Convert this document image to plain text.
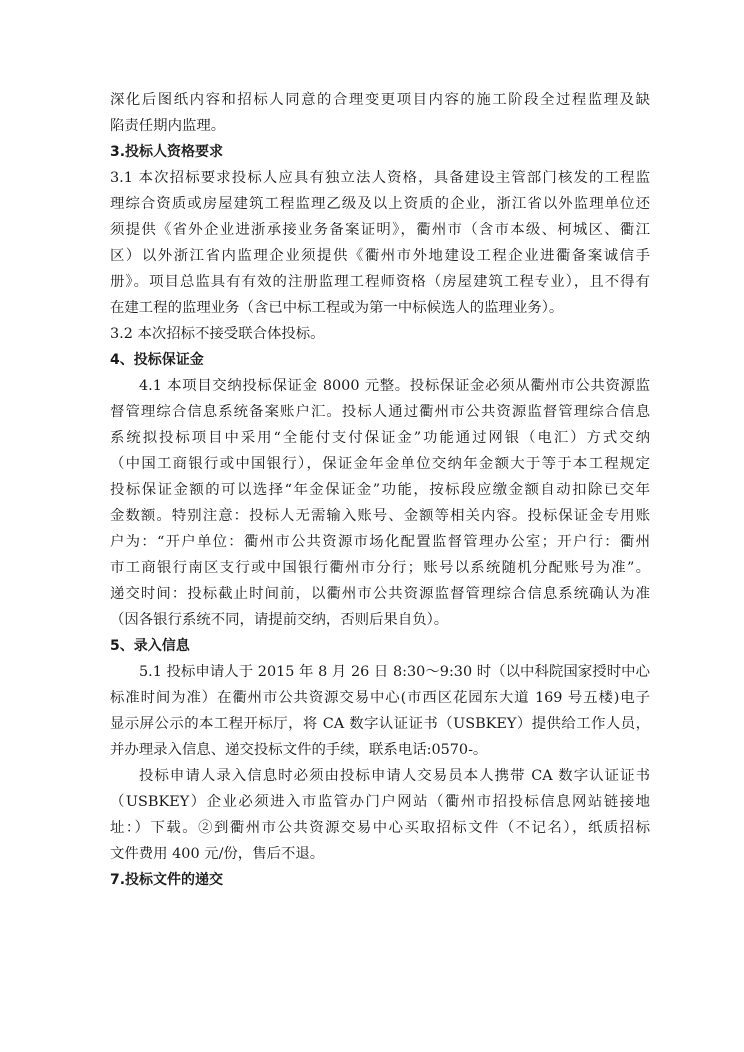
深化后图纸内容和招标人同意的合理变更项目内容的施工阶段全过程监理及缺
陷责任期内监理。
3.投标人资格要求
3.1 本次招标要求投标人应具有独立法人资格，具备建设主管部门核发的工程监
理综合资质或房屋建筑工程监理乙级及以上资质的企业，浙江省以外监理单位还
须提供《省外企业进浙承接业务备案证明》，衢州市（含市本级、柯城区、衢江
区）以外浙江省内监理企业须提供《衢州市外地建设工程企业进衢备案诚信手
册》。项目总监具有有效的注册监理工程师资格（房屋建筑工程专业），且不得有
在建工程的监理业务（含已中标工程或为第一中标候选人的监理业务）。
3.2 本次招标不接受联合体投标。
4、投标保证金
4.1 本项目交纳投标保证金 8000 元整。投标保证金必须从衢州市公共资源监
督管理综合信息系统备案账户汇。投标人通过衢州市公共资源监督管理综合信息
系统拟投标项目中采用“全能付支付保证金”功能通过网银（电汇）方式交纳
（中国工商银行或中国银行），保证金年金单位交纳年金额大于等于本工程规定
投标保证金额的可以选择“年金保证金”功能，按标段应缴金额自动扣除已交年
金数额。特别注意：投标人无需输入账号、金额等相关内容。投标保证金专用账
户为：“开户单位：衢州市公共资源市场化配置监督管理办公室；开户行：衢州
市工商银行南区支行或中国银行衢州市分行；账号以系统随机分配账号为准”。
递交时间：投标截止时间前，以衢州市公共资源监督管理综合信息系统确认为准
（因各银行系统不同，请提前交纳，否则后果自负）。
5、录入信息
5.1 投标申请人于 2015 年 8 月 26 日 8:30～9:30 时（以中科院国家授时中心
标准时间为准）在衢州市公共资源交易中心(市西区花园东大道 169 号五楼)电子
显示屏公示的本工程开标厅，将 CA 数字认证证书（USBKEY）提供给工作人员，
并办理录入信息、递交投标文件的手续，联系电话:0570-。
投标申请人录入信息时必须由投标申请人交易员本人携带 CA 数字认证证书
（USBKEY）企业必须进入市监管办门户网站（衢州市招投标信息网站链接地
址：）下载。②到衢州市公共资源交易中心买取招标文件（不记名），纸质招标
文件费用 400 元/份，售后不退。
7.投标文件的递交
